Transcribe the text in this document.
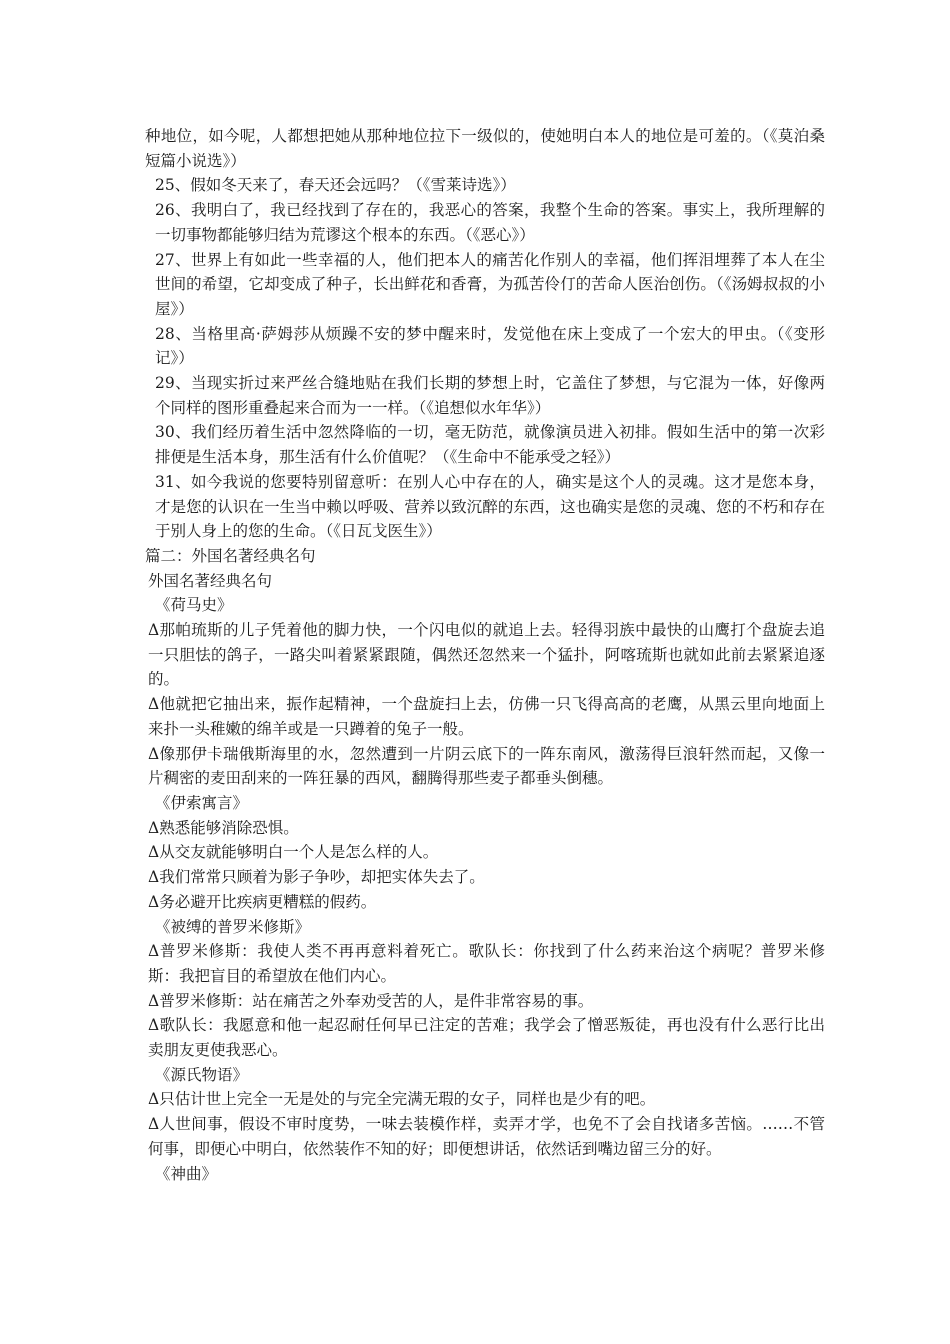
种地位，如今呢，人都想把她从那种地位拉下一级似的，使她明白本人的地位是可羞的。（《莫泊桑短篇小说选》）

25、假如冬天来了，春天还会远吗？（《雪莱诗选》）

26、我明白了，我已经找到了存在的，我恶心的答案，我整个生命的答案。事实上，我所理解的一切事物都能够归结为荒谬这个根本的东西。（《恶心》）

27、世界上有如此一些幸福的人，他们把本人的痛苦化作别人的幸福，他们挥泪埋葬了本人在尘世间的希望，它却变成了种子，长出鲜花和香膏，为孤苦伶仃的苦命人医治创伤。（《汤姆叔叔的小屋》）

28、当格里高·萨姆莎从烦躁不安的梦中醒来时，发觉他在床上变成了一个宏大的甲虫。（《变形记》）

29、当现实折过来严丝合缝地贴在我们长期的梦想上时，它盖住了梦想，与它混为一体，好像两个同样的图形重叠起来合而为一一样。（《追想似水年华》）

30、我们经历着生活中忽然降临的一切，毫无防范，就像演员进入初排。假如生活中的第一次彩排便是生活本身，那生活有什么价值呢？（《生命中不能承受之轻》）

31、如今我说的您要特别留意听：在别人心中存在的人，确实是这个人的灵魂。这才是您本身，才是您的认识在一生当中赖以呼吸、营养以致沉醉的东西，这也确实是您的灵魂、您的不朽和存在于别人身上的您的生命。（《日瓦戈医生》）

篇二：外国名著经典名句

外国名著经典名句

《荷马史》

Δ那帕琉斯的儿子凭着他的脚力快，一个闪电似的就追上去。轻得羽族中最快的山鹰打个盘旋去追一只胆怯的鸽子，一路尖叫着紧紧跟随，偶然还忽然来一个猛扑，阿喀琉斯也就如此前去紧紧追逐的。

Δ他就把它抽出来，振作起精神，一个盘旋扫上去，仿佛一只飞得高高的老鹰，从黑云里向地面上来扑一头稚嫩的绵羊或是一只蹲着的兔子一般。

Δ像那伊卡瑞俄斯海里的水，忽然遭到一片阴云底下的一阵东南风，激荡得巨浪轩然而起，又像一片稠密的麦田刮来的一阵狂暴的西风，翻腾得那些麦子都垂头倒穗。

《伊索寓言》

Δ熟悉能够消除恐惧。

Δ从交友就能够明白一个人是怎么样的人。

Δ我们常常只顾着为影子争吵，却把实体失去了。

Δ务必避开比疾病更糟糕的假药。

《被缚的普罗米修斯》

Δ普罗米修斯：我使人类不再再意料着死亡。歌队长：你找到了什么药来治这个病呢？普罗米修斯：我把盲目的希望放在他们内心。

Δ普罗米修斯：站在痛苦之外奉劝受苦的人，是件非常容易的事。

Δ歌队长：我愿意和他一起忍耐任何早已注定的苦难；我学会了憎恶叛徒，再也没有什么恶行比出卖朋友更使我恶心。

《源氏物语》

Δ只估计世上完全一无是处的与完全完满无瑕的女子，同样也是少有的吧。

Δ人世间事，假设不审时度势，一味去装模作样，卖弄才学，也免不了会自找诸多苦恼。……不管何事，即便心中明白，依然装作不知的好；即便想讲话，依然话到嘴边留三分的好。

《神曲》
